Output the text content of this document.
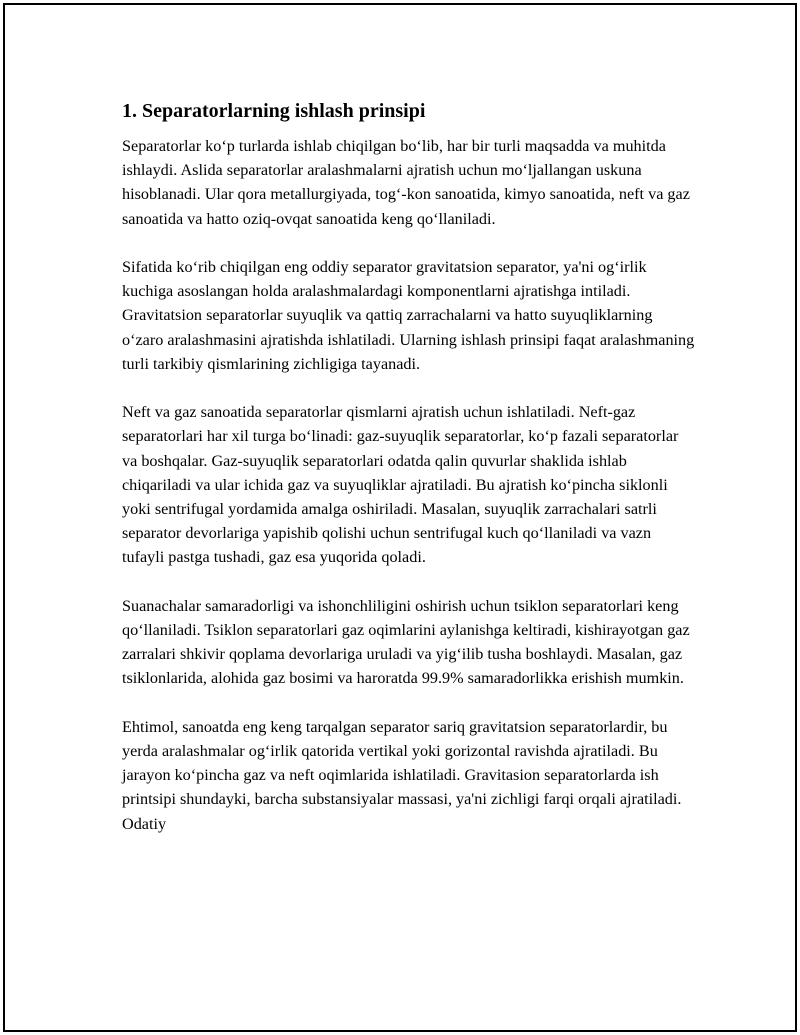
1. Separatorlarning ishlash prinsipi

Separatorlar ko‘p turlarda ishlab chiqilgan bo‘lib, har bir turli maqsadda va muhitda ishlaydi. Aslida separatorlar aralashmalarni ajratish uchun mo‘ljallangan uskuna hisoblanadi. Ular qora metallurgiyada, tog‘-kon sanoatida, kimyo sanoatida, neft va gaz sanoatida va hatto oziq-ovqat sanoatida keng qo‘llaniladi.

Sifatida ko‘rib chiqilgan eng oddiy separator gravitatsion separator, ya'ni og‘irlik kuchiga asoslangan holda aralashmalardagi komponentlarni ajratishga intiladi. Gravitatsion separatorlar suyuqlik va qattiq zarrachalarni va hatto suyuqliklarning o‘zaro aralashmasini ajratishda ishlatiladi. Ularning ishlash prinsipi faqat aralashmaning turli tarkibiy qismlarining zichligiga tayanadi.

Neft va gaz sanoatida separatorlar qismlarni ajratish uchun ishlatiladi. Neft-gaz separatorlari har xil turga bo‘linadi: gaz-suyuqlik separatorlar, ko‘p fazali separatorlar va boshqalar. Gaz-suyuqlik separatorlari odatda qalin quvurlar shaklida ishlab chiqariladi va ular ichida gaz va suyuqliklar ajratiladi. Bu ajratish ko‘pincha siklonli yoki sentrifugal yordamida amalga oshiriladi. Masalan, suyuqlik zarrachalari satrli separator devorlariga yapishib qolishi uchun sentrifugal kuch qo‘llaniladi va vazn tufayli pastga tushadi, gaz esa yuqorida qoladi.

Suanachalar samaradorligi va ishonchliligini oshirish uchun tsiklon separatorlari keng qo‘llaniladi. Tsiklon separatorlari gaz oqimlarini aylanishga keltiradi, kishirayotgan gaz zarralari shkivir qoplama devorlariga uruladi va yig‘ilib tusha boshlaydi. Masalan, gaz tsiklonlarida, alohida gaz bosimi va haroratda 99.9% samaradorlikka erishish mumkin.

Ehtimol, sanoatda eng keng tarqalgan separator sariq gravitatsion separatorlardir, bu yerda aralashmalar og‘irlik qatorida vertikal yoki gorizontal ravishda ajratiladi. Bu jarayon ko‘pincha gaz va neft oqimlarida ishlatiladi. Gravitasion separatorlarda ish printsipi shundayki, barcha substansiyalar massasi, ya'ni zichligi farqi orqali ajratiladi. Odatiy
